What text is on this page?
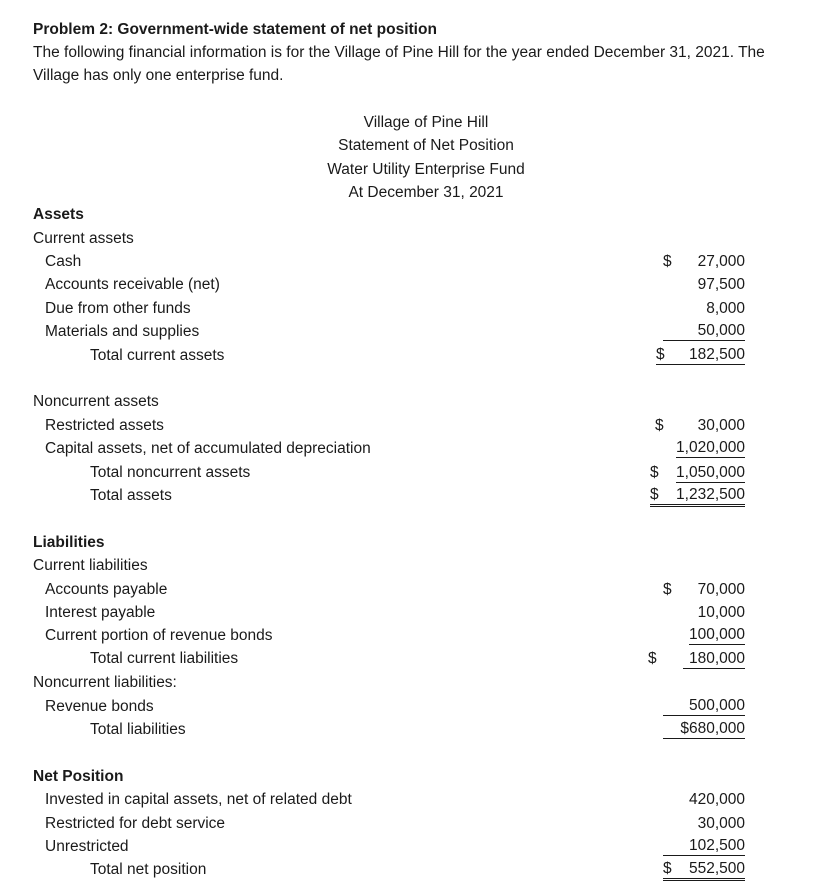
Problem 2: Government-wide statement of net position
The following financial information is for the Village of Pine Hill for the year ended December 31, 2021. The Village has only one enterprise fund.
Village of Pine Hill
Statement of Net Position
Water Utility Enterprise Fund
At December 31, 2021
Assets
Current assets
Cash	$ 27,000
Accounts receivable (net)	97,500
Due from other funds	8,000
Materials and supplies	50,000
Total current assets	$ 182,500
Noncurrent assets
Restricted assets	$ 30,000
Capital assets, net of accumulated depreciation	1,020,000
Total noncurrent assets	$ 1,050,000
Total assets	$ 1,232,500
Liabilities
Current liabilities
Accounts payable	$ 70,000
Interest payable	10,000
Current portion of revenue bonds	100,000
Total current liabilities	$ 180,000
Noncurrent liabilities:
Revenue bonds	500,000
Total liabilities	$680,000
Net Position
Invested in capital assets, net of related debt	420,000
Restricted for debt service	30,000
Unrestricted	102,500
Total net position	$ 552,500
